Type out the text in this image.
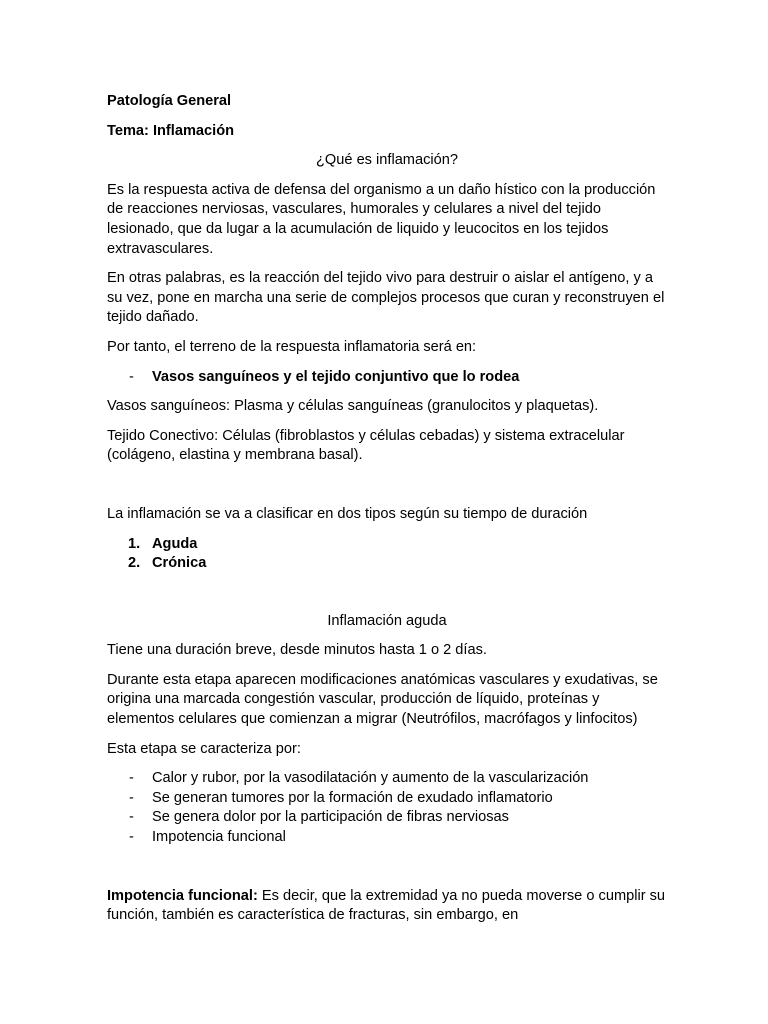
Patología General

Tema: Inflamación

¿Qué es inflamación?

Es la respuesta activa de defensa del organismo a un daño hístico con la producción de reacciones nerviosas, vasculares, humorales y celulares a nivel del tejido lesionado, que da lugar a la acumulación de liquido y leucocitos en los tejidos extravasculares.

En otras palabras, es la reacción del tejido vivo para destruir o aislar el antígeno, y a su vez, pone en marcha una serie de complejos procesos que curan y reconstruyen el tejido dañado.

Por tanto, el terreno de la respuesta inflamatoria será en:

- Vasos sanguíneos y el tejido conjuntivo que lo rodea

Vasos sanguíneos: Plasma y células sanguíneas (granulocitos y plaquetas).

Tejido Conectivo: Células (fibroblastos y células cebadas) y sistema extracelular (colágeno, elastina y membrana basal).

La inflamación se va a clasificar en dos tipos según su tiempo de duración

1. Aguda
2. Crónica

Inflamación aguda

Tiene una duración breve, desde minutos hasta 1 o 2 días.

Durante esta etapa aparecen modificaciones anatómicas vasculares y exudativas, se origina una marcada congestión vascular, producción de líquido, proteínas y elementos celulares que comienzan a migrar (Neutrófilos, macrófagos y linfocitos)

Esta etapa se caracteriza por:

- Calor y rubor, por la vasodilatación y aumento de la vascularización
- Se generan tumores por la formación de exudado inflamatorio
- Se genera dolor por la participación de fibras nerviosas
- Impotencia funcional

Impotencia funcional: Es decir, que la extremidad ya no pueda moverse o cumplir su función, también es característica de fracturas, sin embargo, en
